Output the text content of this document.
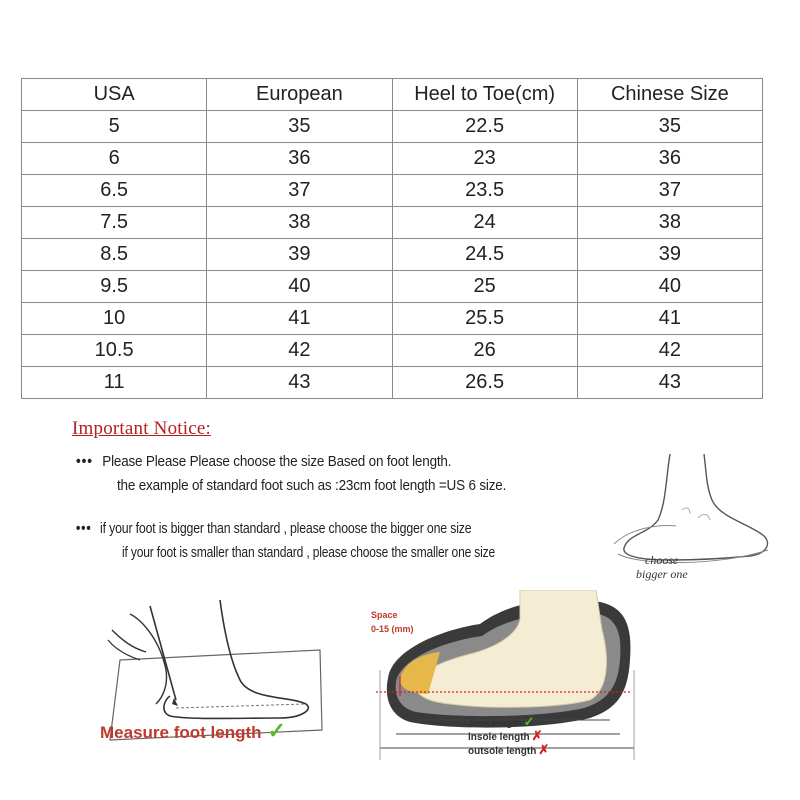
USA	European	Heel to Toe(cm)	Chinese Size
5	35	22.5	35
6	36	23	36
6.5	37	23.5	37
7.5	38	24	38
8.5	39	24.5	39
9.5	40	25	40
10	41	25.5	41
10.5	42	26	42
11	43	26.5	43
Important Notice:
••• Please Please Please choose the size Based on foot length.
the example of standard foot such as :23cm foot length =US 6 size.
••• if your foot is bigger than standard , please choose the bigger one size
if your foot is smaller than standard , please choose the smaller one size	choose
bigger one
Measure foot length ✓
Space
0-15 (mm)
foot length ✓
insole length ✗
outsole length ✗
